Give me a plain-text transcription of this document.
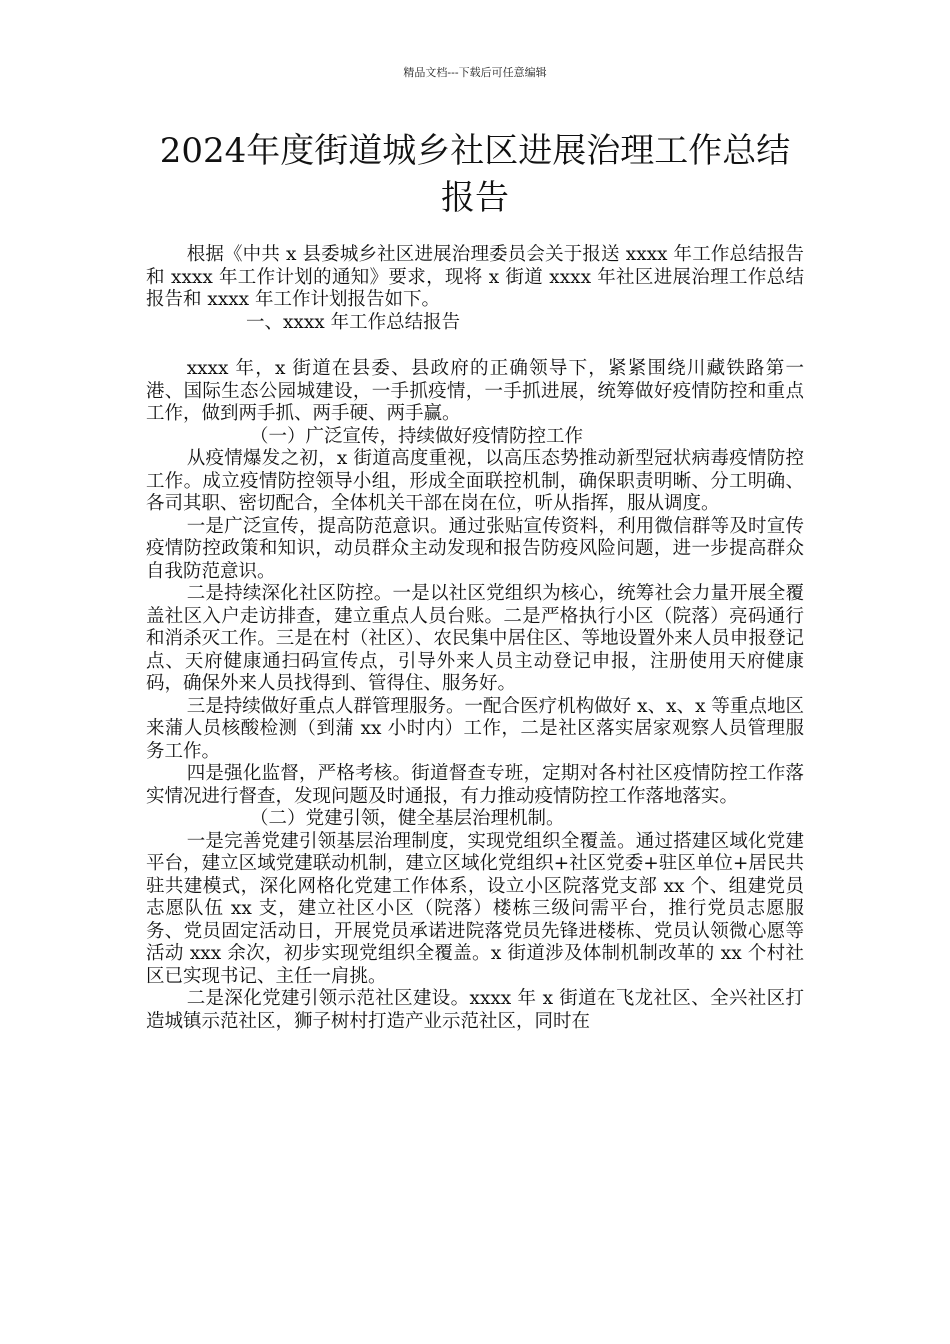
精品文档---下载后可任意编辑
2024年度街道城乡社区进展治理工作总结报告

根据《中共 x 县委城乡社区进展治理委员会关于报送 xxxx 年工作总结报告和 xxxx 年工作计划的通知》要求，现将 x 街道 xxxx 年社区进展治理工作总结报告和 xxxx 年工作计划报告如下。

一、xxxx 年工作总结报告

xxxx 年，x 街道在县委、县政府的正确领导下，紧紧围绕川藏铁路第一港、国际生态公园城建设，一手抓疫情，一手抓进展，统筹做好疫情防控和重点工作，做到两手抓、两手硬、两手赢。

（一）广泛宣传，持续做好疫情防控工作

从疫情爆发之初，x 街道高度重视，以高压态势推动新型冠状病毒疫情防控工作。成立疫情防控领导小组，形成全面联控机制，确保职责明晰、分工明确、各司其职、密切配合，全体机关干部在岗在位，听从指挥，服从调度。

一是广泛宣传，提高防范意识。通过张贴宣传资料，利用微信群等及时宣传疫情防控政策和知识，动员群众主动发现和报告防疫风险问题，进一步提高群众自我防范意识。

二是持续深化社区防控。一是以社区党组织为核心，统筹社会力量开展全覆盖社区入户走访排查，建立重点人员台账。二是严格执行小区（院落）亮码通行和消杀灭工作。三是在村（社区）、农民集中居住区、等地设置外来人员申报登记点、天府健康通扫码宣传点，引导外来人员主动登记申报，注册使用天府健康码，确保外来人员找得到、管得住、服务好。

三是持续做好重点人群管理服务。一配合医疗机构做好 x、x、x 等重点地区来蒲人员核酸检测（到蒲 xx 小时内）工作，二是社区落实居家观察人员管理服务工作。

四是强化监督，严格考核。街道督查专班，定期对各村社区疫情防控工作落实情况进行督查，发现问题及时通报，有力推动疫情防控工作落地落实。

（二）党建引领，健全基层治理机制。

一是完善党建引领基层治理制度，实现党组织全覆盖。通过搭建区域化党建平台，建立区域党建联动机制，建立区域化党组织+社区党委+驻区单位+居民共驻共建模式，深化网格化党建工作体系，设立小区院落党支部 xx 个、组建党员志愿队伍 xx 支，建立社区小区（院落）楼栋三级问需平台，推行党员志愿服务、党员固定活动日，开展党员承诺进院落党员先锋进楼栋、党员认领微心愿等活动 xxx 余次，初步实现党组织全覆盖。x 街道涉及体制机制改革的 xx 个村社区已实现书记、主任一肩挑。

二是深化党建引领示范社区建设。xxxx 年 x 街道在飞龙社区、全兴社区打造城镇示范社区，狮子树村打造产业示范社区，同时在
